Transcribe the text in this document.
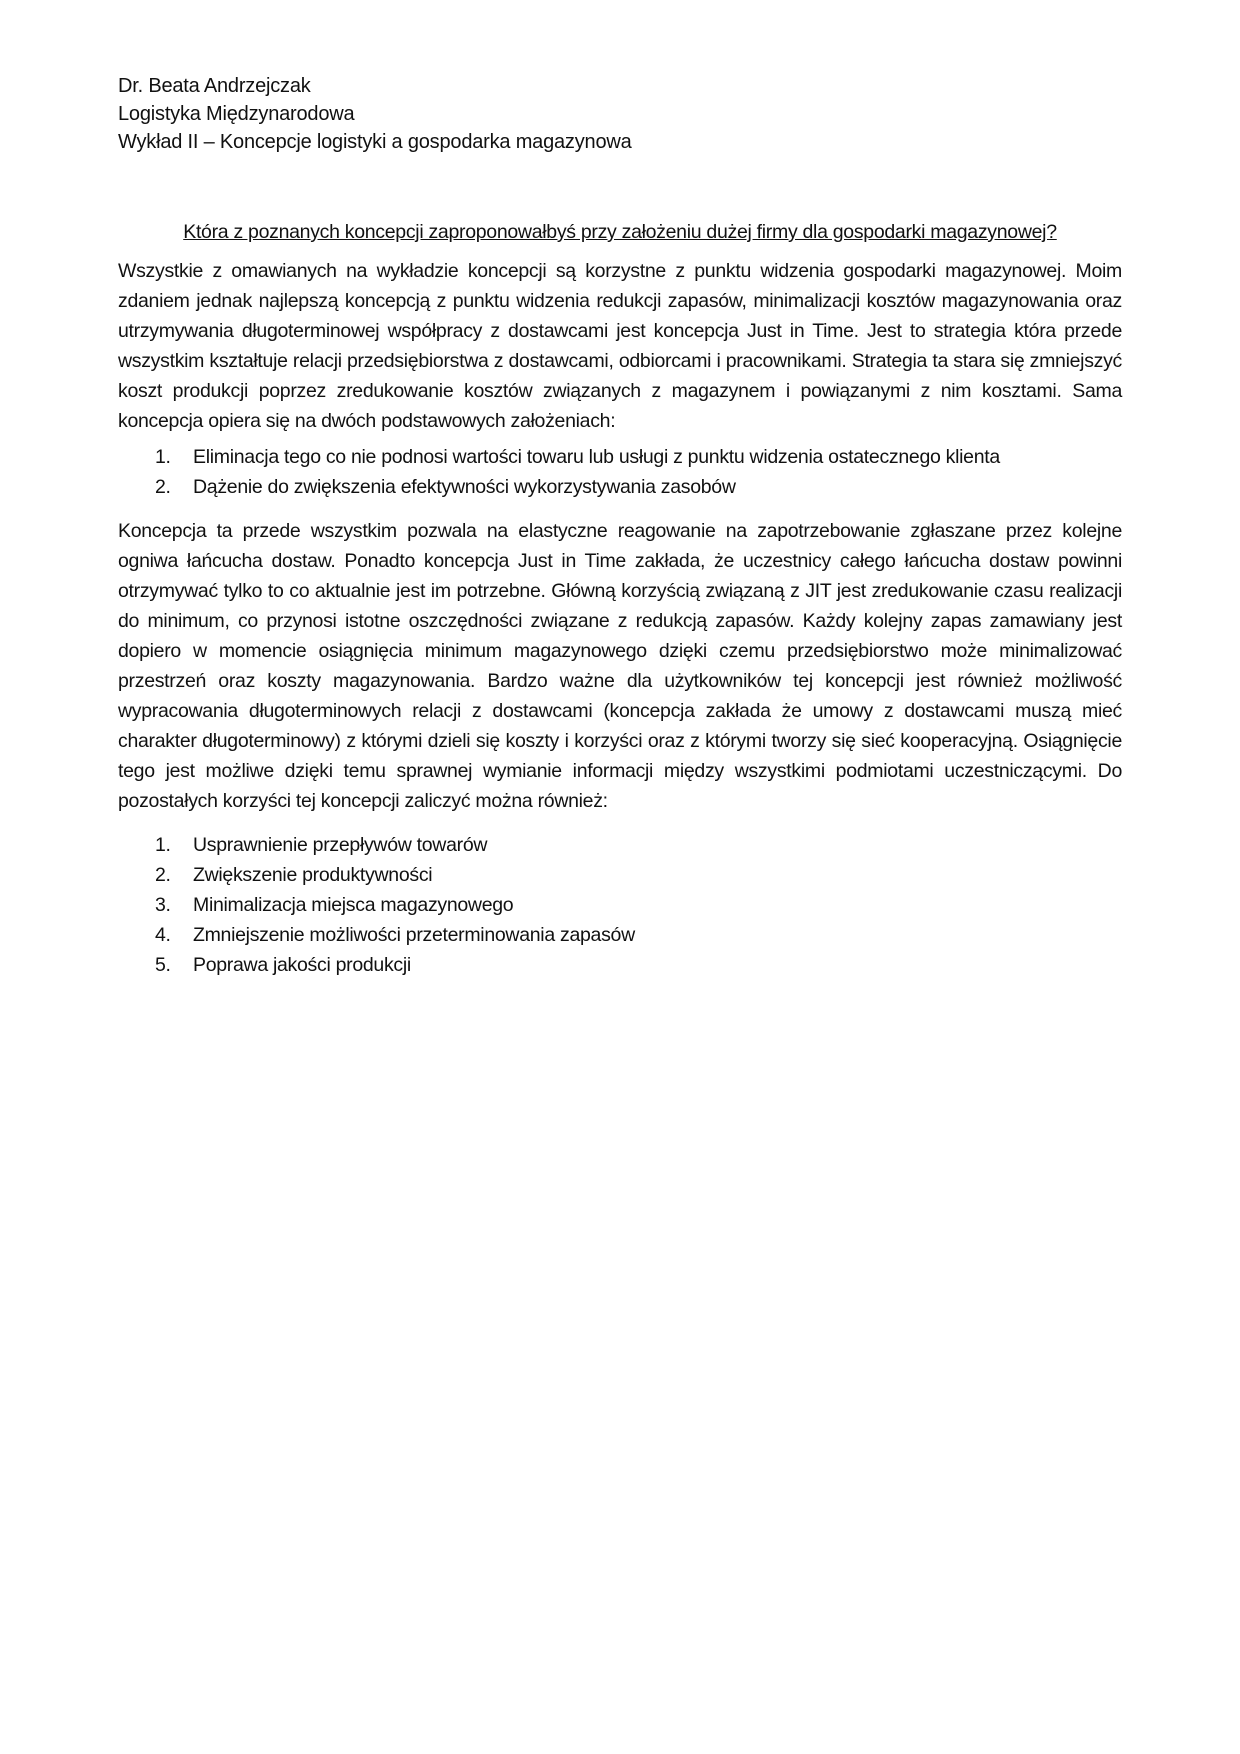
Dr. Beata Andrzejczak
Logistyka Międzynarodowa
Wykład II – Koncepcje logistyki a gospodarka magazynowa
Która z poznanych koncepcji zaproponowałbyś przy założeniu dużej firmy dla gospodarki magazynowej?

Wszystkie z omawianych na wykładzie koncepcji są korzystne z punktu widzenia gospodarki magazynowej. Moim zdaniem jednak najlepszą koncepcją z punktu widzenia redukcji zapasów, minimalizacji kosztów magazynowania oraz utrzymywania długoterminowej współpracy z dostawcami jest koncepcja Just in Time. Jest to strategia która przede wszystkim kształtuje relacji przedsiębiorstwa z dostawcami, odbiorcami i pracownikami. Strategia ta stara się zmniejszyć koszt produkcji poprzez zredukowanie kosztów związanych z magazynem i powiązanymi z nim kosztami. Sama koncepcja opiera się na dwóch podstawowych założeniach:

1. Eliminacja tego co nie podnosi wartości towaru lub usługi z punktu widzenia ostatecznego klienta
2. Dążenie do zwiększenia efektywności wykorzystywania zasobów

Koncepcja ta przede wszystkim pozwala na elastyczne reagowanie na zapotrzebowanie zgłaszane przez kolejne ogniwa łańcucha dostaw. Ponadto koncepcja Just in Time zakłada, że uczestnicy całego łańcucha dostaw powinni otrzymywać tylko to co aktualnie jest im potrzebne. Główną korzyścią związaną z JIT jest zredukowanie czasu realizacji do minimum, co przynosi istotne oszczędności związane z redukcją zapasów. Każdy kolejny zapas zamawiany jest dopiero w momencie osiągnięcia minimum magazynowego dzięki czemu przedsiębiorstwo może minimalizować przestrzeń oraz koszty magazynowania. Bardzo ważne dla użytkowników tej koncepcji jest również możliwość wypracowania długoterminowych relacji z dostawcami (koncepcja zakłada że umowy z dostawcami muszą mieć charakter długoterminowy) z którymi dzieli się koszty i korzyści oraz z którymi tworzy się sieć kooperacyjną. Osiągnięcie tego jest możliwe dzięki temu sprawnej wymianie informacji między wszystkimi podmiotami uczestniczącymi. Do pozostałych korzyści tej koncepcji zaliczyć można również:

1. Usprawnienie przepływów towarów
2. Zwiększenie produktywności
3. Minimalizacja miejsca magazynowego
4. Zmniejszenie możliwości przeterminowania zapasów
5. Poprawa jakości produkcji
